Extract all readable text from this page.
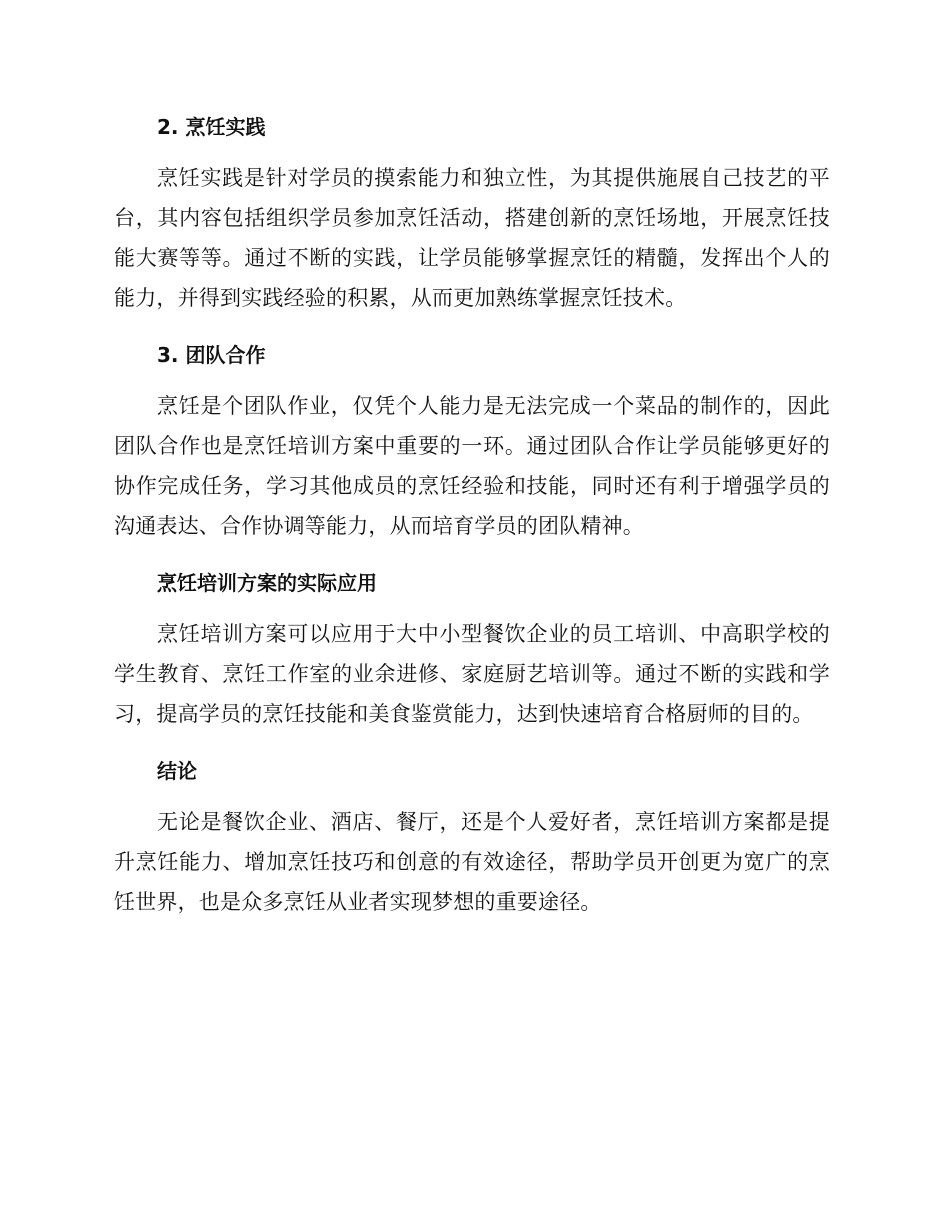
2. 烹饪实践

烹饪实践是针对学员的摸索能力和独立性，为其提供施展自己技艺的平台，其内容包括组织学员参加烹饪活动，搭建创新的烹饪场地，开展烹饪技能大赛等等。通过不断的实践，让学员能够掌握烹饪的精髓，发挥出个人的能力，并得到实践经验的积累，从而更加熟练掌握烹饪技术。

3. 团队合作

烹饪是个团队作业，仅凭个人能力是无法完成一个菜品的制作的，因此团队合作也是烹饪培训方案中重要的一环。通过团队合作让学员能够更好的协作完成任务，学习其他成员的烹饪经验和技能，同时还有利于增强学员的沟通表达、合作协调等能力，从而培育学员的团队精神。

烹饪培训方案的实际应用

烹饪培训方案可以应用于大中小型餐饮企业的员工培训、中高职学校的学生教育、烹饪工作室的业余进修、家庭厨艺培训等。通过不断的实践和学习，提高学员的烹饪技能和美食鉴赏能力，达到快速培育合格厨师的目的。

结论

无论是餐饮企业、酒店、餐厅，还是个人爱好者，烹饪培训方案都是提升烹饪能力、增加烹饪技巧和创意的有效途径，帮助学员开创更为宽广的烹饪世界，也是众多烹饪从业者实现梦想的重要途径。
